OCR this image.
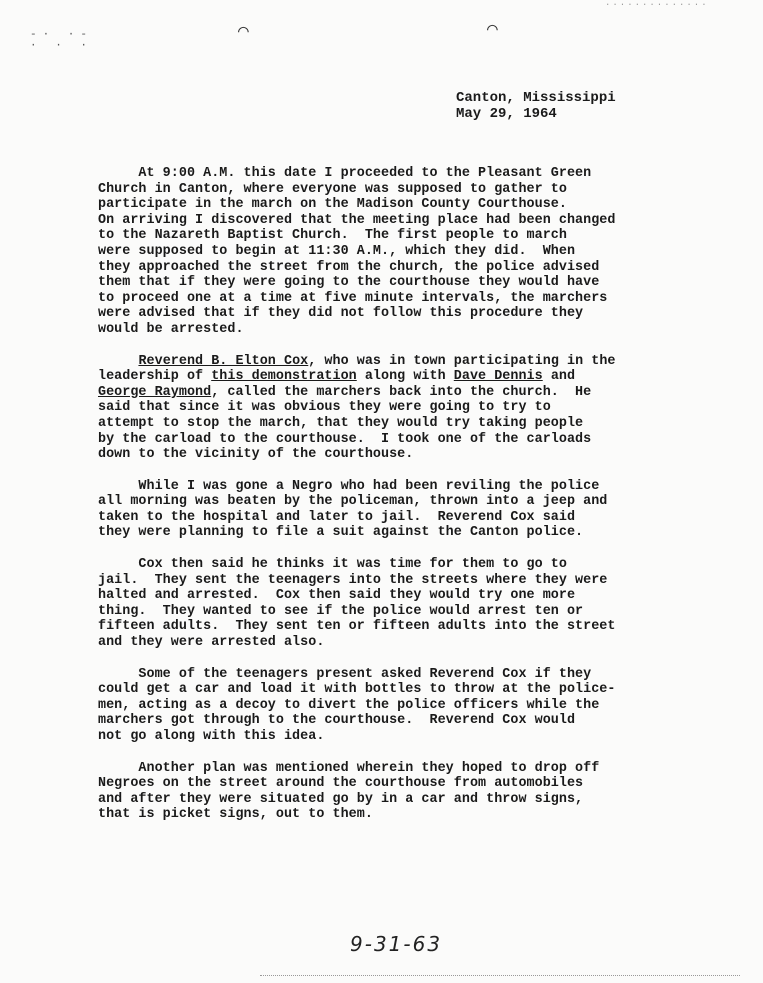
··············
-· ·-
· · ·
⌒	⌒
Canton, Mississippi
May 29, 1964

At 9:00 A.M. this date I proceeded to the Pleasant Green
Church in Canton, where everyone was supposed to gather to
participate in the march on the Madison County Courthouse.
On arriving I discovered that the meeting place had been changed
to the Nazareth Baptist Church.  The first people to march
were supposed to begin at 11:30 A.M., which they did.  When
they approached the street from the church, the police advised
them that if they were going to the courthouse they would have
to proceed one at a time at five minute intervals, the marchers
were advised that if they did not follow this procedure they
would be arrested.

Reverend B. Elton Cox, who was in town participating in the
leadership of this demonstration along with Dave Dennis and
George Raymond, called the marchers back into the church.  He
said that since it was obvious they were going to try to
attempt to stop the march, that they would try taking people
by the carload to the courthouse.  I took one of the carloads
down to the vicinity of the courthouse.

While I was gone a Negro who had been reviling the police
all morning was beaten by the policeman, thrown into a jeep and
taken to the hospital and later to jail.  Reverend Cox said
they were planning to file a suit against the Canton police.

Cox then said he thinks it was time for them to go to
jail.  They sent the teenagers into the streets where they were
halted and arrested.  Cox then said they would try one more
thing.  They wanted to see if the police would arrest ten or
fifteen adults.  They sent ten or fifteen adults into the street
and they were arrested also.

Some of the teenagers present asked Reverend Cox if they
could get a car and load it with bottles to throw at the police-
men, acting as a decoy to divert the police officers while the
marchers got through to the courthouse.  Reverend Cox would
not go along with this idea.

Another plan was mentioned wherein they hoped to drop off
Negroes on the street around the courthouse from automobiles
and after they were situated go by in a car and throw signs,
that is picket signs, out to them.

9-31-63
